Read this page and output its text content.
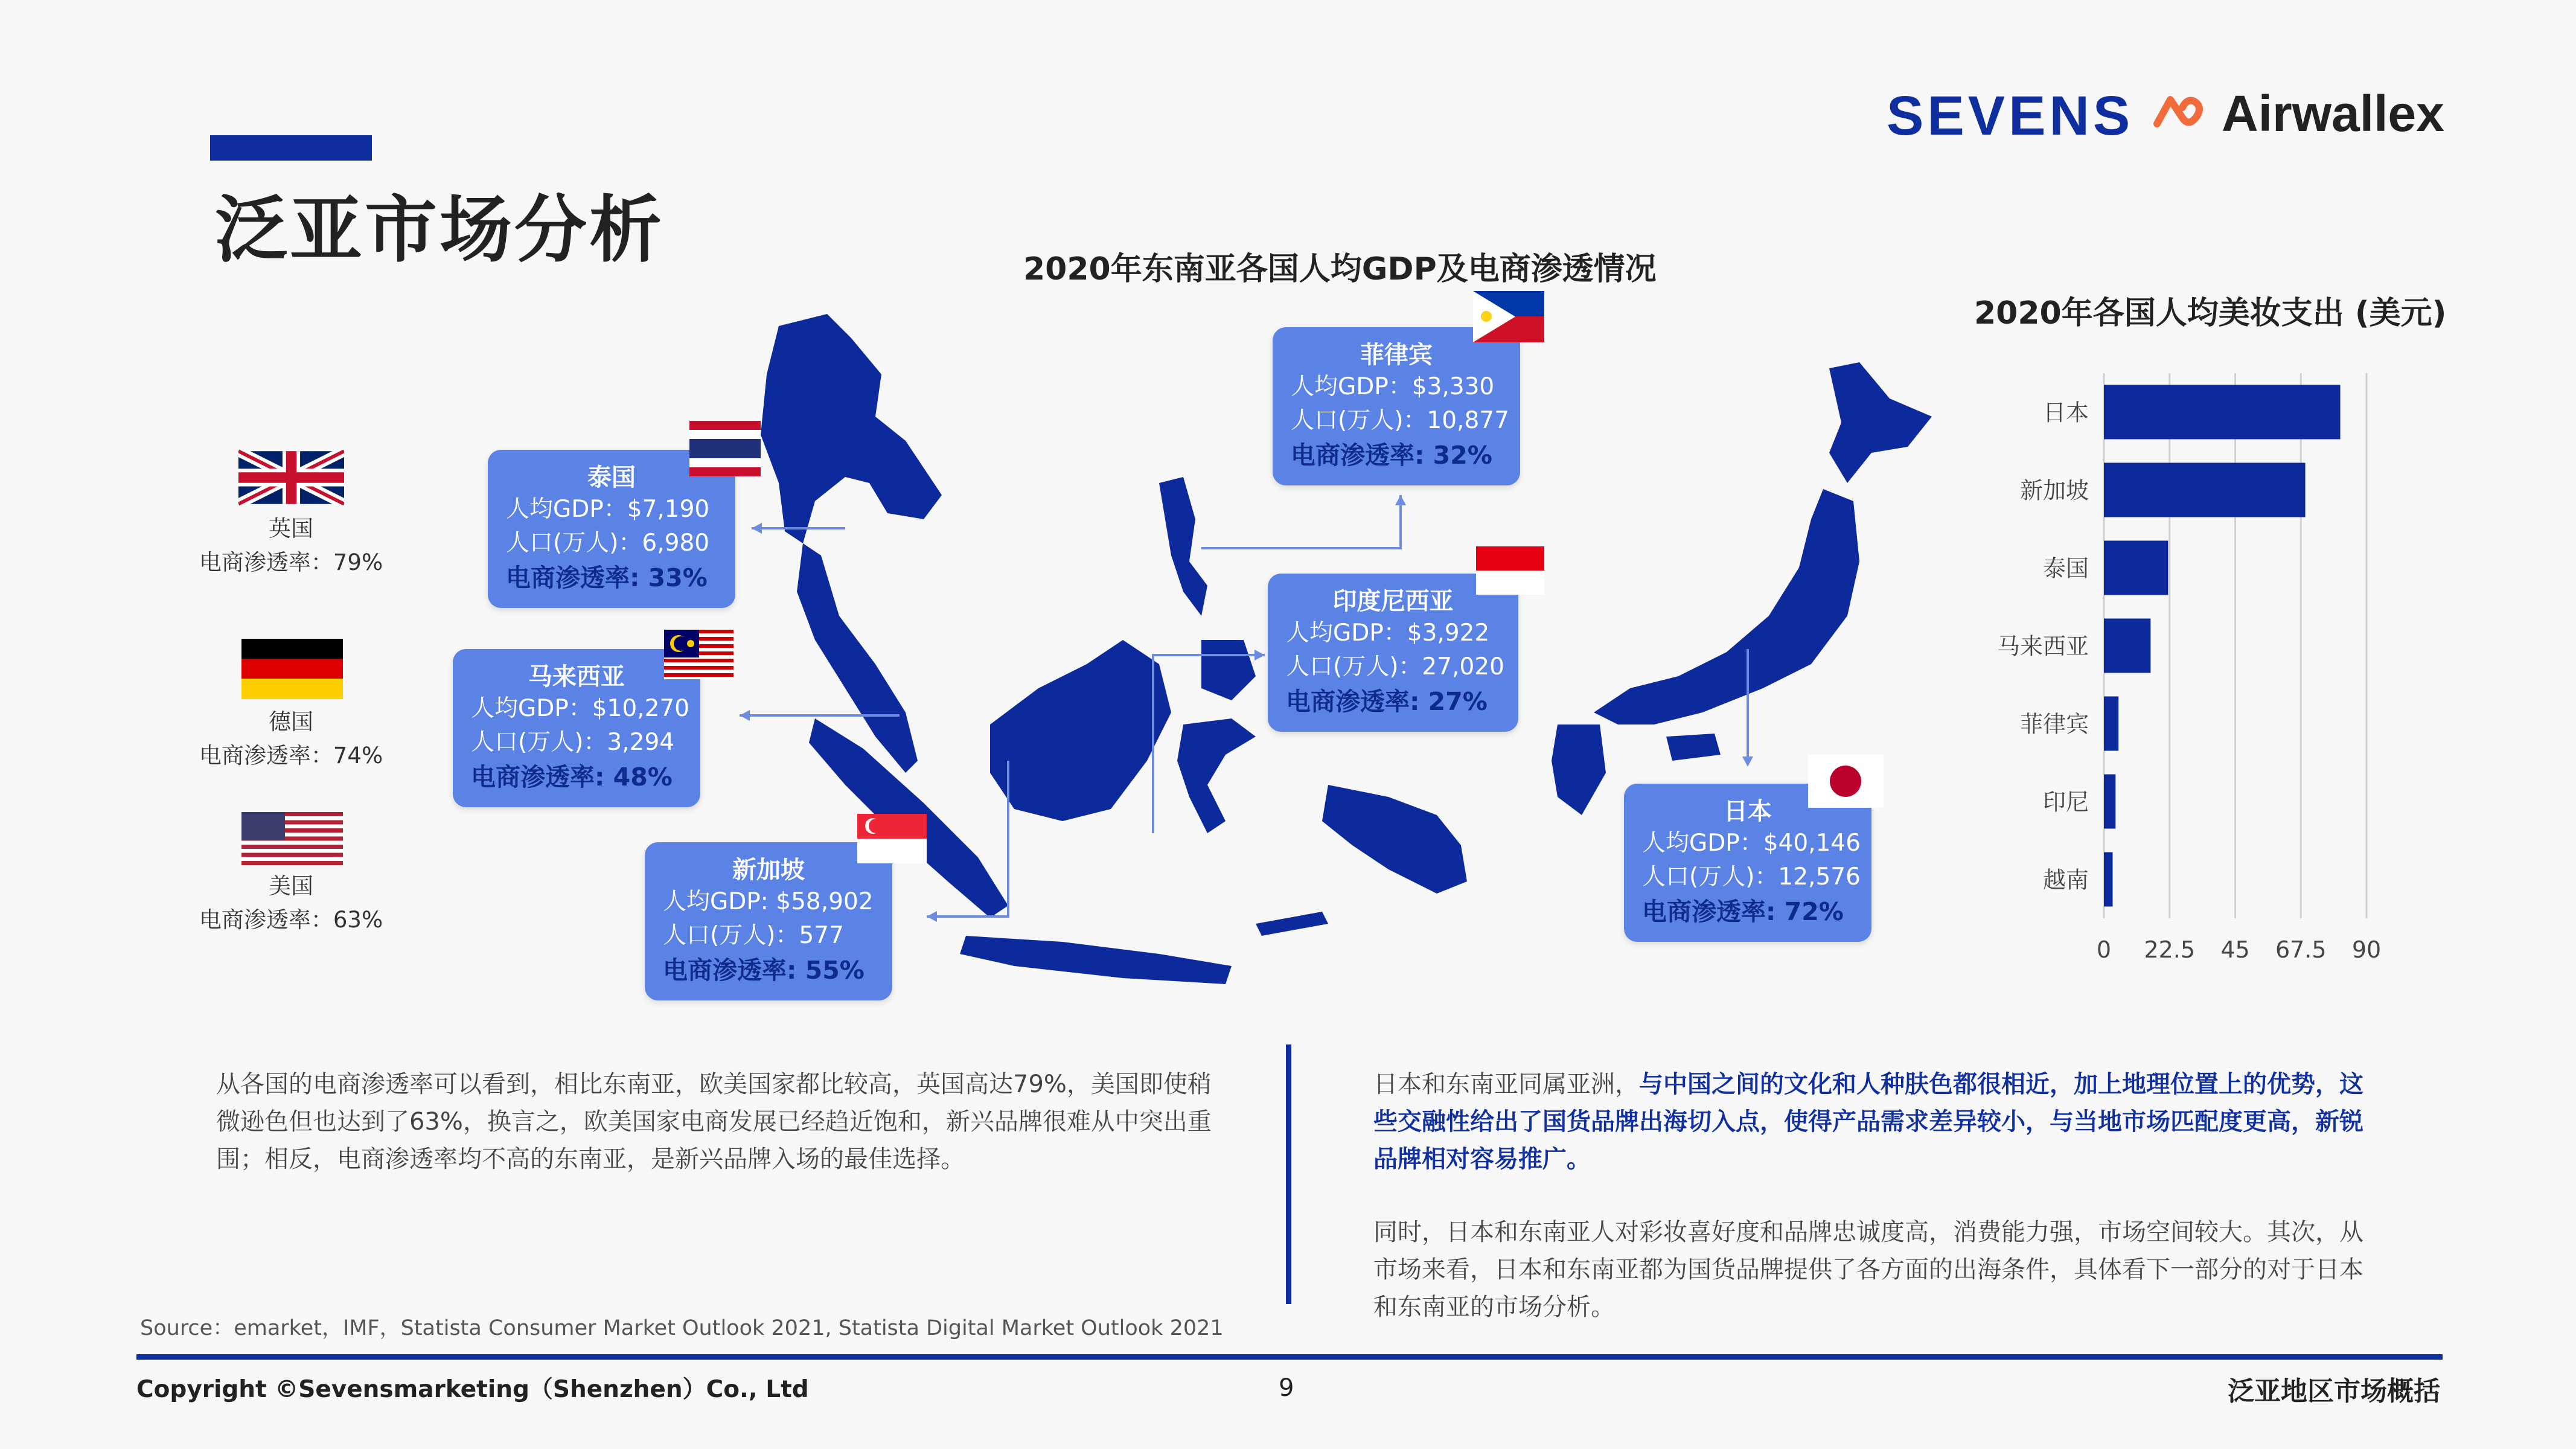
泛亚市场分析
SEVENS Airwallex
2020年东南亚各国人均GDP及电商渗透情况
2020年各国人均美妆支出 (美元)
泰国
人均GDP：$7,190
人口(万人)：6,980
电商渗透率: 33%
马来西亚
人均GDP：$10,270
人口(万人)：3,294
电商渗透率: 48%
新加坡
人均GDP: $58,902
人口(万人)：577
电商渗透率: 55%
菲律宾
人均GDP：$3,330
人口(万人)：10,877
电商渗透率: 32%
印度尼西亚
人均GDP：$3,922
人口(万人)：27,020
电商渗透率: 27%
日本
人均GDP：$40,146
人口(万人)：12,576
电商渗透率: 72%
英国
电商渗透率：79%
德国
电商渗透率：74%
美国
电商渗透率：63%
0 22.5 45 67.5 90
日本
新加坡
泰国
马来西亚
菲律宾
印尼
越南
从各国的电商渗透率可以看到，相比东南亚，欧美国家都比较高，英国高达79%，美国即使稍微逊色但也达到了63%，换言之，欧美国家电商发展已经趋近饱和，新兴品牌很难从中突出重围；相反，电商渗透率均不高的东南亚，是新兴品牌入场的最佳选择。
日本和东南亚同属亚洲，与中国之间的文化和人种肤色都很相近，加上地理位置上的优势，这些交融性给出了国货品牌出海切入点，使得产品需求差异较小，与当地市场匹配度更高，新锐品牌相对容易推广。
同时，日本和东南亚人对彩妆喜好度和品牌忠诚度高，消费能力强，市场空间较大。其次，从市场来看，日本和东南亚都为国货品牌提供了各方面的出海条件，具体看下一部分的对于日本和东南亚的市场分析。
Source：emarket，IMF，Statista Consumer Market Outlook 2021, Statista Digital Market Outlook 2021
Copyright ©Sevensmarketing（Shenzhen）Co., Ltd	9	泛亚地区市场概括
